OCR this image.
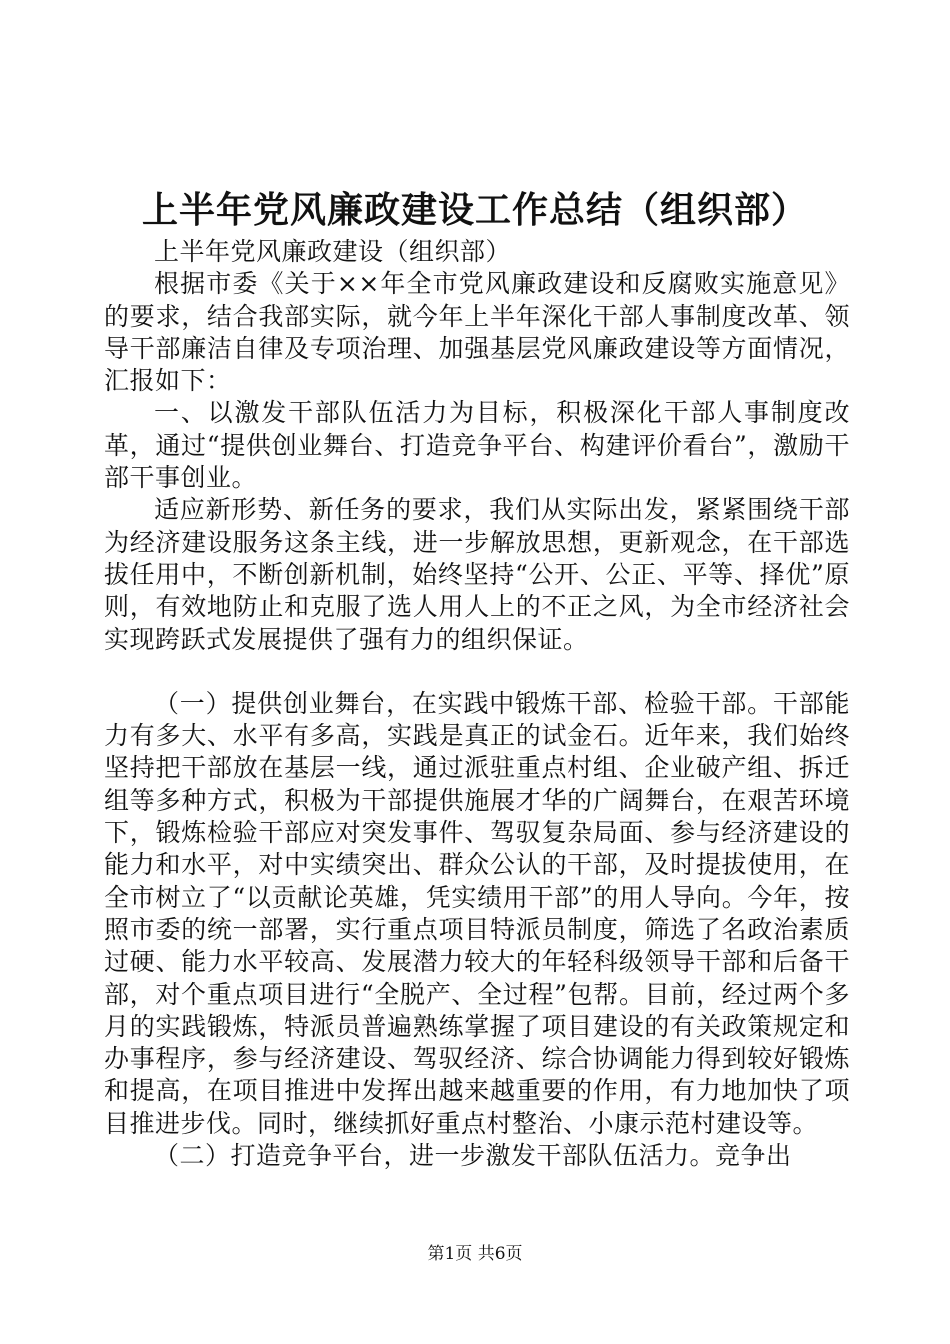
上半年党风廉政建设工作总结（组织部）

上半年党风廉政建设（组织部）

根据市委《关于××年全市党风廉政建设和反腐败实施意见》的要求，结合我部实际，就今年上半年深化干部人事制度改革、领导干部廉洁自律及专项治理、加强基层党风廉政建设等方面情况，汇报如下：

一、以激发干部队伍活力为目标，积极深化干部人事制度改革，通过“提供创业舞台、打造竞争平台、构建评价看台”，激励干部干事创业。

适应新形势、新任务的要求，我们从实际出发，紧紧围绕干部为经济建设服务这条主线，进一步解放思想，更新观念，在干部选拔任用中，不断创新机制，始终坚持“公开、公正、平等、择优”原则，有效地防止和克服了选人用人上的不正之风，为全市经济社会实现跨跃式发展提供了强有力的组织保证。

（一）提供创业舞台，在实践中锻炼干部、检验干部。干部能力有多大、水平有多高，实践是真正的试金石。近年来，我们始终坚持把干部放在基层一线，通过派驻重点村组、企业破产组、拆迁组等多种方式，积极为干部提供施展才华的广阔舞台，在艰苦环境下，锻炼检验干部应对突发事件、驾驭复杂局面、参与经济建设的能力和水平，对中实绩突出、群众公认的干部，及时提拔使用，在全市树立了“以贡献论英雄，凭实绩用干部”的用人导向。今年，按照市委的统一部署，实行重点项目特派员制度，筛选了名政治素质过硬、能力水平较高、发展潜力较大的年轻科级领导干部和后备干部，对个重点项目进行“全脱产、全过程”包帮。目前，经过两个多月的实践锻炼，特派员普遍熟练掌握了项目建设的有关政策规定和办事程序，参与经济建设、驾驭经济、综合协调能力得到较好锻炼和提高，在项目推进中发挥出越来越重要的作用，有力地加快了项目推进步伐。同时，继续抓好重点村整治、小康示范村建设等。

（二）打造竞争平台，进一步激发干部队伍活力。竞争出

第1页 共6页
